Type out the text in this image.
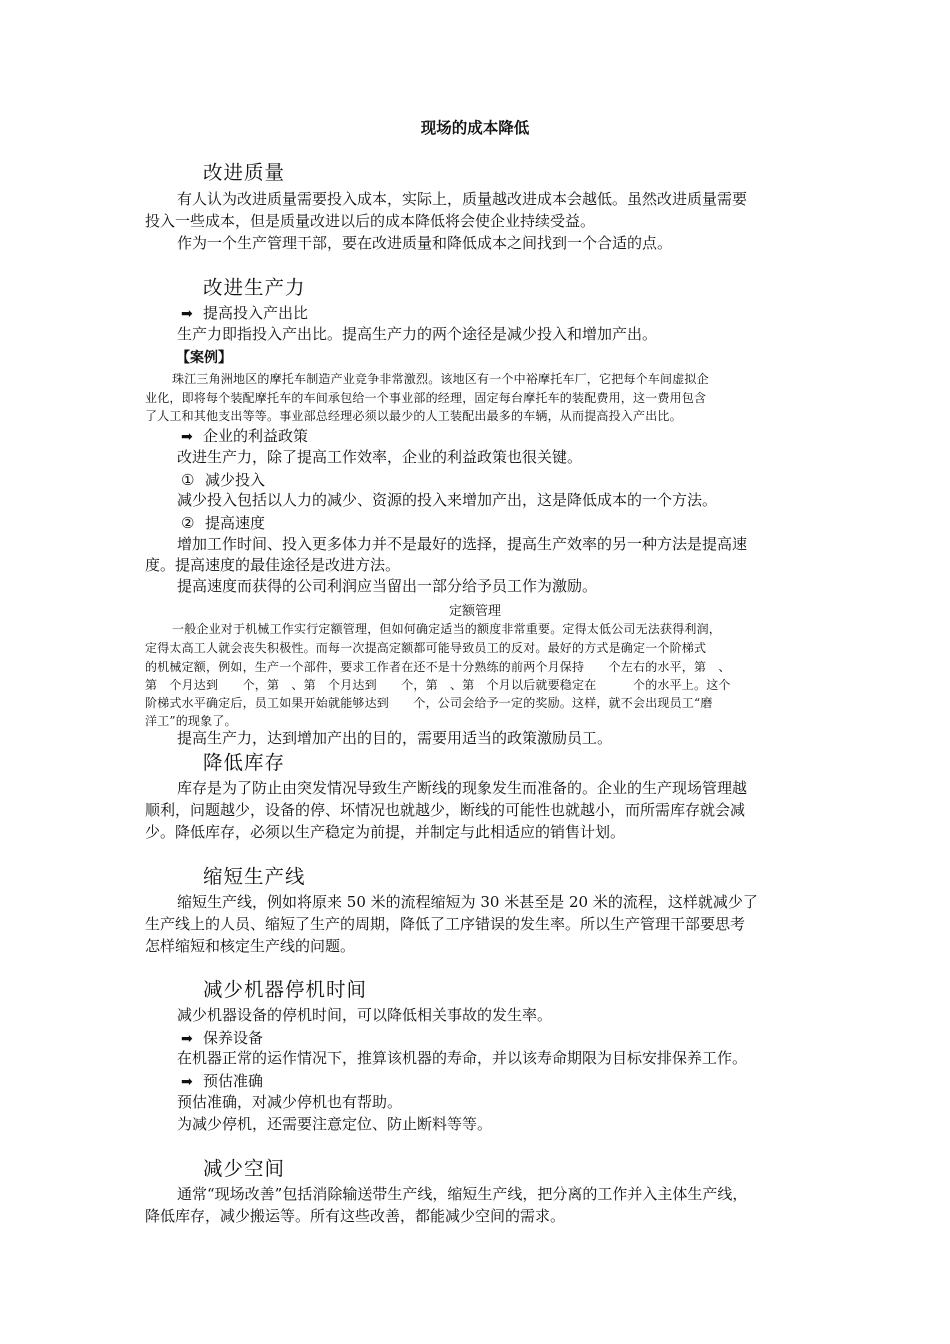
现场的成本降低
改进质量
有人认为改进质量需要投入成本，实际上，质量越改进成本会越低。虽然改进质量需要
投入一些成本，但是质量改进以后的成本降低将会使企业持续受益。
作为一个生产管理干部，要在改进质量和降低成本之间找到一个合适的点。
改进生产力
➡ 提高投入产出比
生产力即指投入产出比。提高生产力的两个途径是减少投入和增加产出。
【案例】
珠江三角洲地区的摩托车制造产业竞争非常激烈。该地区有一个中裕摩托车厂，它把每个车间虚拟企
业化，即将每个装配摩托车的车间承包给一个事业部的经理，固定每台摩托车的装配费用，这一费用包含
了人工和其他支出等等。事业部总经理必须以最少的人工装配出最多的车辆，从而提高投入产出比。
➡ 企业的利益政策
改进生产力，除了提高工作效率，企业的利益政策也很关键。
① 减少投入
减少投入包括以人力的减少、资源的投入来增加产出，这是降低成本的一个方法。
② 提高速度
增加工作时间、投入更多体力并不是最好的选择，提高生产效率的另一种方法是提高速
度。提高速度的最佳途径是改进方法。
提高速度而获得的公司利润应当留出一部分给予员工作为激励。
定额管理
一般企业对于机械工作实行定额管理，但如何确定适当的额度非常重要。定得太低公司无法获得利润，
定得太高工人就会丧失积极性。而每一次提高定额都可能导致员工的反对。最好的方式是确定一个阶梯式
的机械定额，例如，生产一个部件，要求工作者在还不是十分熟练的前两个月保持　　个左右的水平，第　、
第　个月达到　　个，第　、第　个月达到　　个，第　、第　个月以后就要稳定在　　　个的水平上。这个
阶梯式水平确定后，员工如果开始就能够达到　　个，公司会给予一定的奖励。这样，就不会出现员工“磨
洋工”的现象了。
提高生产力，达到增加产出的目的，需要用适当的政策激励员工。
降低库存
库存是为了防止由突发情况导致生产断线的现象发生而准备的。企业的生产现场管理越
顺利，问题越少，设备的停、坏情况也就越少，断线的可能性也就越小，而所需库存就会减
少。降低库存，必须以生产稳定为前提，并制定与此相适应的销售计划。
缩短生产线
缩短生产线，例如将原来 50 米的流程缩短为 30 米甚至是 20 米的流程，这样就减少了
生产线上的人员、缩短了生产的周期，降低了工序错误的发生率。所以生产管理干部要思考
怎样缩短和核定生产线的问题。
减少机器停机时间
减少机器设备的停机时间，可以降低相关事故的发生率。
➡ 保养设备
在机器正常的运作情况下，推算该机器的寿命，并以该寿命期限为目标安排保养工作。
➡ 预估准确
预估准确，对减少停机也有帮助。
为减少停机，还需要注意定位、防止断料等等。
减少空间
通常“现场改善”包括消除输送带生产线，缩短生产线，把分离的工作并入主体生产线，
降低库存，减少搬运等。所有这些改善，都能减少空间的需求。
